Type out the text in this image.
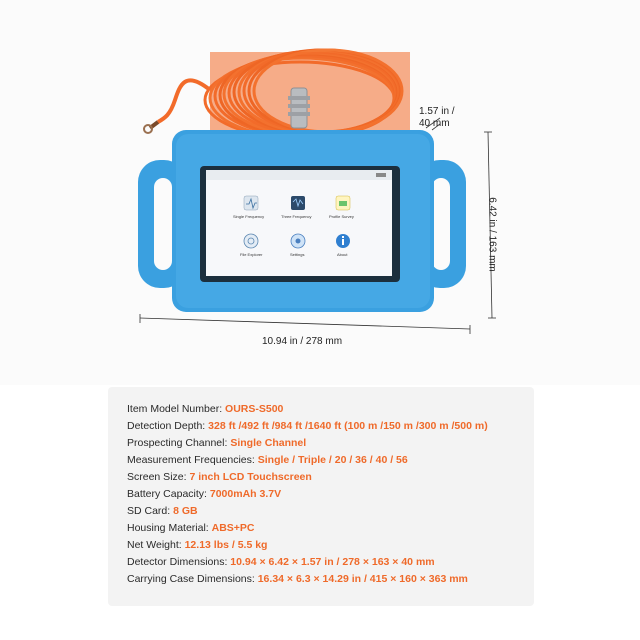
Single Frequency	Three Frequency	Profile Survey
File Explorer	Settings	About
1.57 in /
40 mm
10.94 in / 278 mm
6.42 in / 163 mm
Item Model Number: OURS-S500
Detection Depth: 328 ft /492 ft /984 ft /1640 ft (100 m /150 m /300 m /500 m)
Prospecting Channel: Single Channel
Measurement Frequencies: Single / Triple / 20 / 36 / 40 / 56
Screen Size: 7 inch LCD Touchscreen
Battery Capacity: 7000mAh 3.7V
SD Card: 8 GB
Housing Material: ABS+PC
Net Weight: 12.13 lbs / 5.5 kg
Detector Dimensions: 10.94 × 6.42 × 1.57 in / 278 × 163 × 40 mm
Carrying Case Dimensions: 16.34 × 6.3 × 14.29 in / 415 × 160 × 363 mm
